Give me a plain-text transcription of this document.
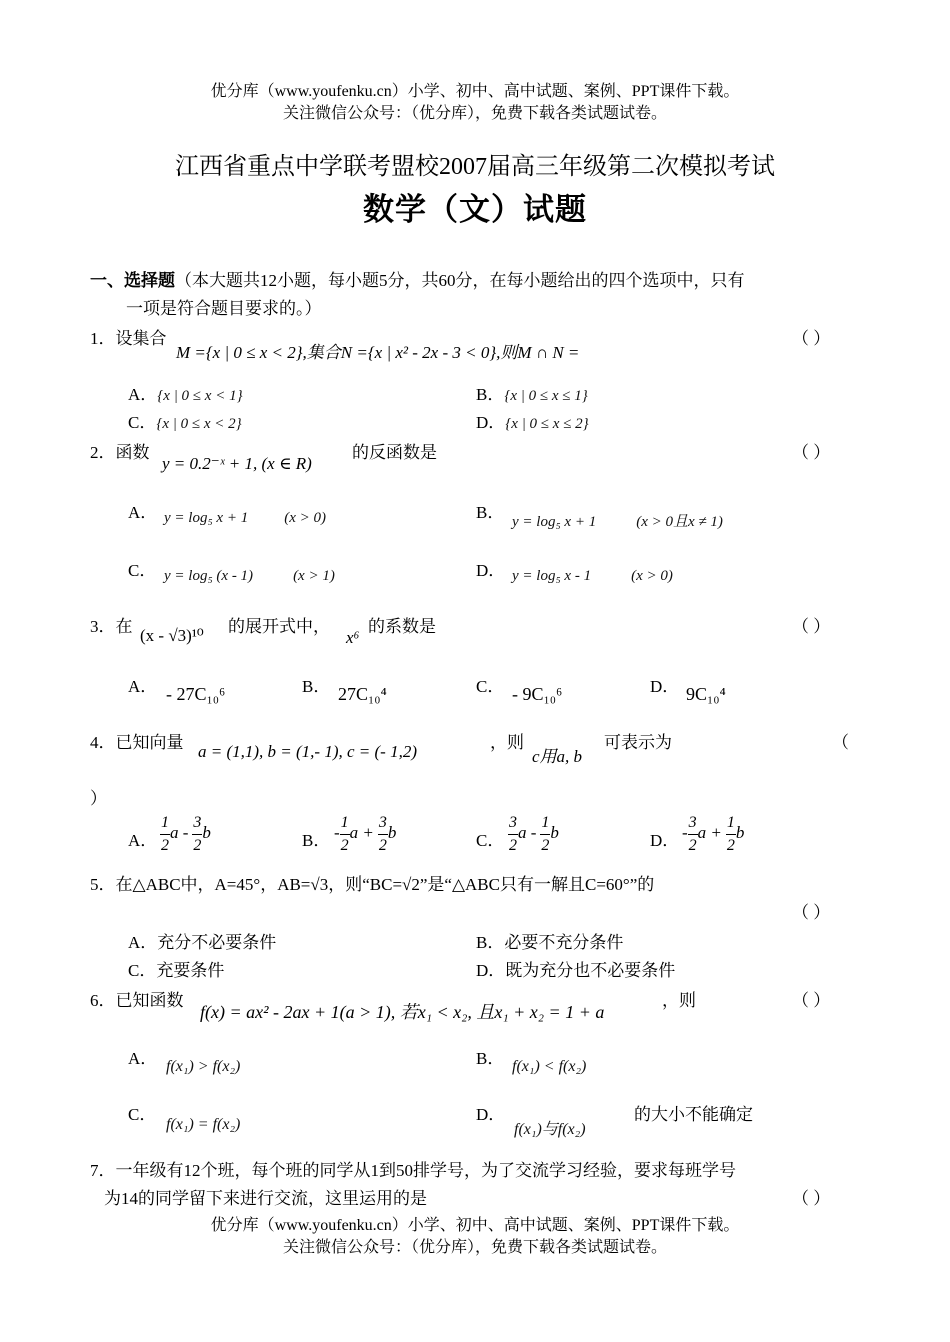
优分库（www.youfenku.cn）小学、初中、高中试题、案例、PPT课件下载。
关注微信公众号：（优分库），免费下载各类试题试卷。
江西省重点中学联考盟校2007届高三年级第二次模拟考试
数学（文）试题
一、选择题（本大题共12小题，每小题5分，共60分，在每小题给出的四个选项中，只有
一项是符合题目要求的。）
1．设集合
M ={x | 0 ≤ x < 2},集合N ={x | x² - 2x - 3 < 0},则M ∩ N =
（ ）
A．{x | 0 ≤ x < 1}	B．{x | 0 ≤ x ≤ 1}
C．{x | 0 ≤ x < 2}	D．{x | 0 ≤ x ≤ 2}
2．函数
y = 0.2⁻ˣ + 1, (x ∈ R)
的反函数是	（ ）
A． y = log₅ x + 1 (x > 0)	B． y = log₅ x + 1	(x > 0且x ≠ 1)
C． y = log₅ (x - 1)	(x > 1)	D． y = log₅ x - 1	(x > 0)
3．在 (x - √3)¹⁰ 的展开式中，
x⁶
的系数是	（ ）
A． - 27C₁₀⁶	B． 27C₁₀⁴	C． - 9C₁₀⁶	D． 9C₁₀⁴
4．已知向量 a = (1,1), b = (1,- 1), c = (- 1,2)	，则
c用a, b
可表示为	（
）
A． $\frac{1}{2}$ a - $\frac{3}{2}$ b	B． - $\frac{1}{2}$ $a + \frac{3}{2}$ b	C． $\frac{3}{2}$ a - $\frac{1}{2}$ b	D． - $\frac{3}{2}$ $a + \frac{1}{2}$ b
5．在△ABC中，A=45°，AB=√3，则“BC=√2”是“△ABC只有一解且C=60°”的
（ ）
A．充分不必要条件	B．必要不充分条件
C．充要条件	D．既为充分也不必要条件
6．已知函数
f(x) = ax² - 2ax + 1(a > 1), 若x₁ < x₂, 且x₁ + x₂ = 1 + a
，则	（ ）
A． f(x₁) > f(x₂)	B． f(x₁) < f(x₂)
C．
f(x₁) = f(x₂)
D．
f(x₁)与f(x₂)
的大小不能确定
7．一年级有12个班，每个班的同学从1到50排学号，为了交流学习经验，要求每班学号
为14的同学留下来进行交流，这里运用的是	（ ）
优分库（www.youfenku.cn）小学、初中、高中试题、案例、PPT课件下载。
关注微信公众号：（优分库），免费下载各类试题试卷。
